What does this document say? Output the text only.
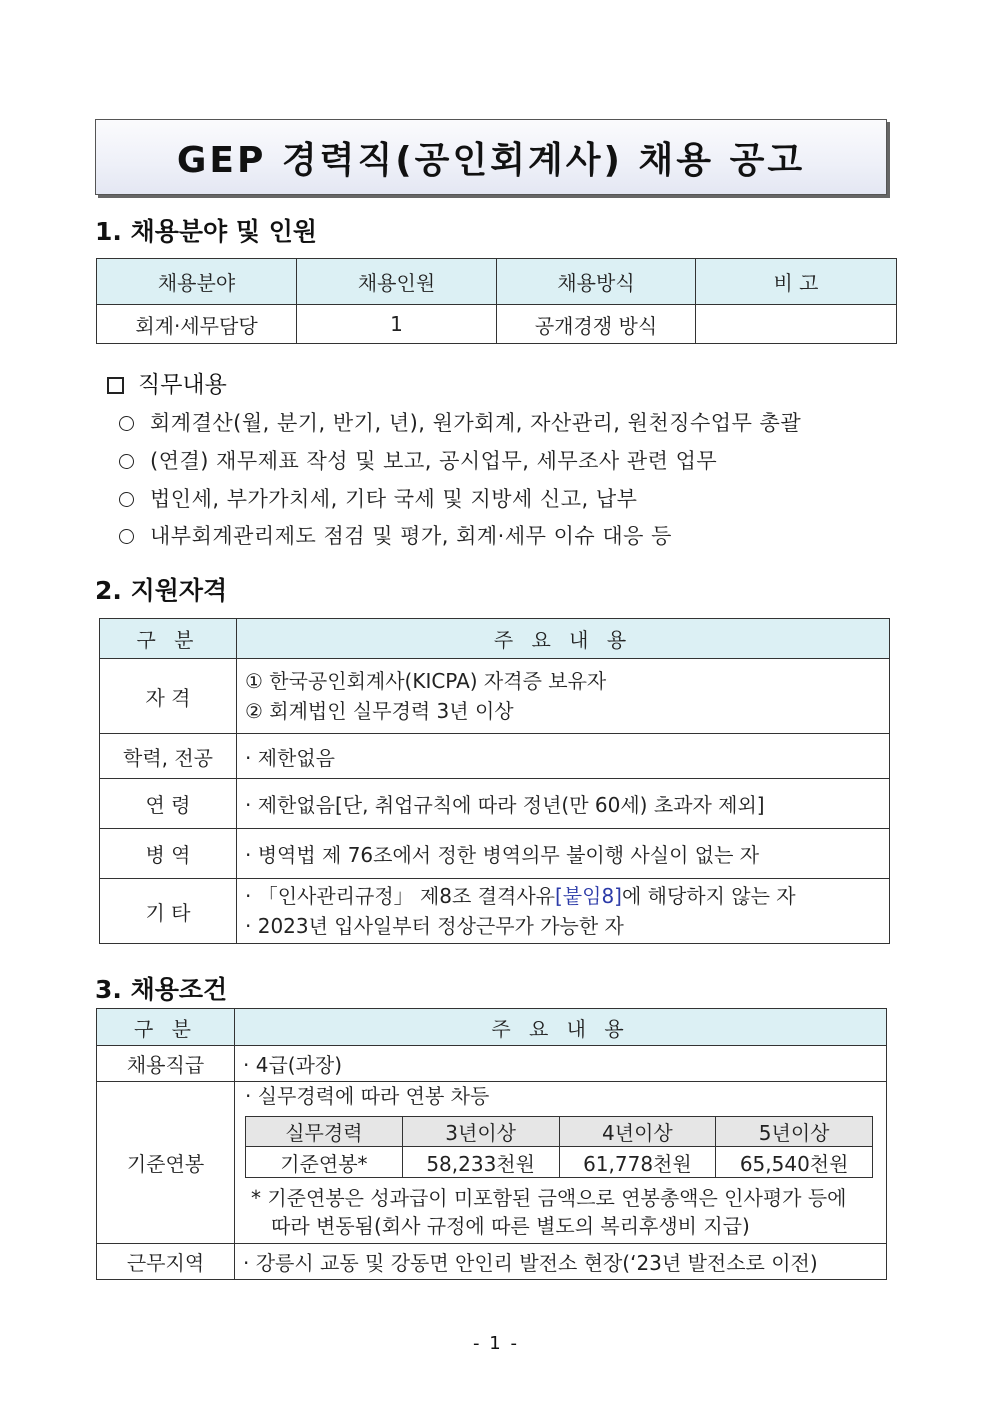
GEP 경력직(공인회계사) 채용 공고
1. 채용분야 및 인원
채용분야	채용인원	채용방식	비 고
회계·세무담당	1	공개경쟁 방식	
직무내용
회계결산(월, 분기, 반기, 년), 원가회계, 자산관리, 원천징수업무 총괄
(연결) 재무제표 작성 및 보고, 공시업무, 세무조사 관련 업무
법인세, 부가가치세, 기타 국세 및 지방세 신고, 납부
내부회계관리제도 점검 및 평가, 회계·세무 이슈 대응 등
2. 지원자격
구 분	주 요 내 용
자 격	① 한국공인회계사(KICPA) 자격증 보유자
② 회계법인 실무경력 3년 이상

학력, 전공	· 제한없음
연 령	· 제한없음[단, 취업규칙에 따라 정년(만 60세) 초과자 제외]
병 역	· 병역법 제 76조에서 정한 병역의무 불이행 사실이 없는 자
기 타	· 「인사관리규정」 제8조 결격사유[붙임8]에 해당하지 않는 자
· 2023년 입사일부터 정상근무가 가능한 자
3. 채용조건
구 분	주 요 내 용
채용직급	· 4급(과장)
기준연봉	
· 실무경력에 따라 연봉 차등
실무경력	3년이상	4년이상	5년이상
기준연봉*	58,233천원	61,778천원	65,540천원
* 기준연봉은 성과급이 미포함된 금액으로 연봉총액은 인사평가 등에
따라 변동됨(회사 규정에 따른 별도의 복리후생비 지급)

근무지역	· 강릉시 교동 및 강동면 안인리 발전소 현장(‘23년 발전소로 이전)
- 1 -
